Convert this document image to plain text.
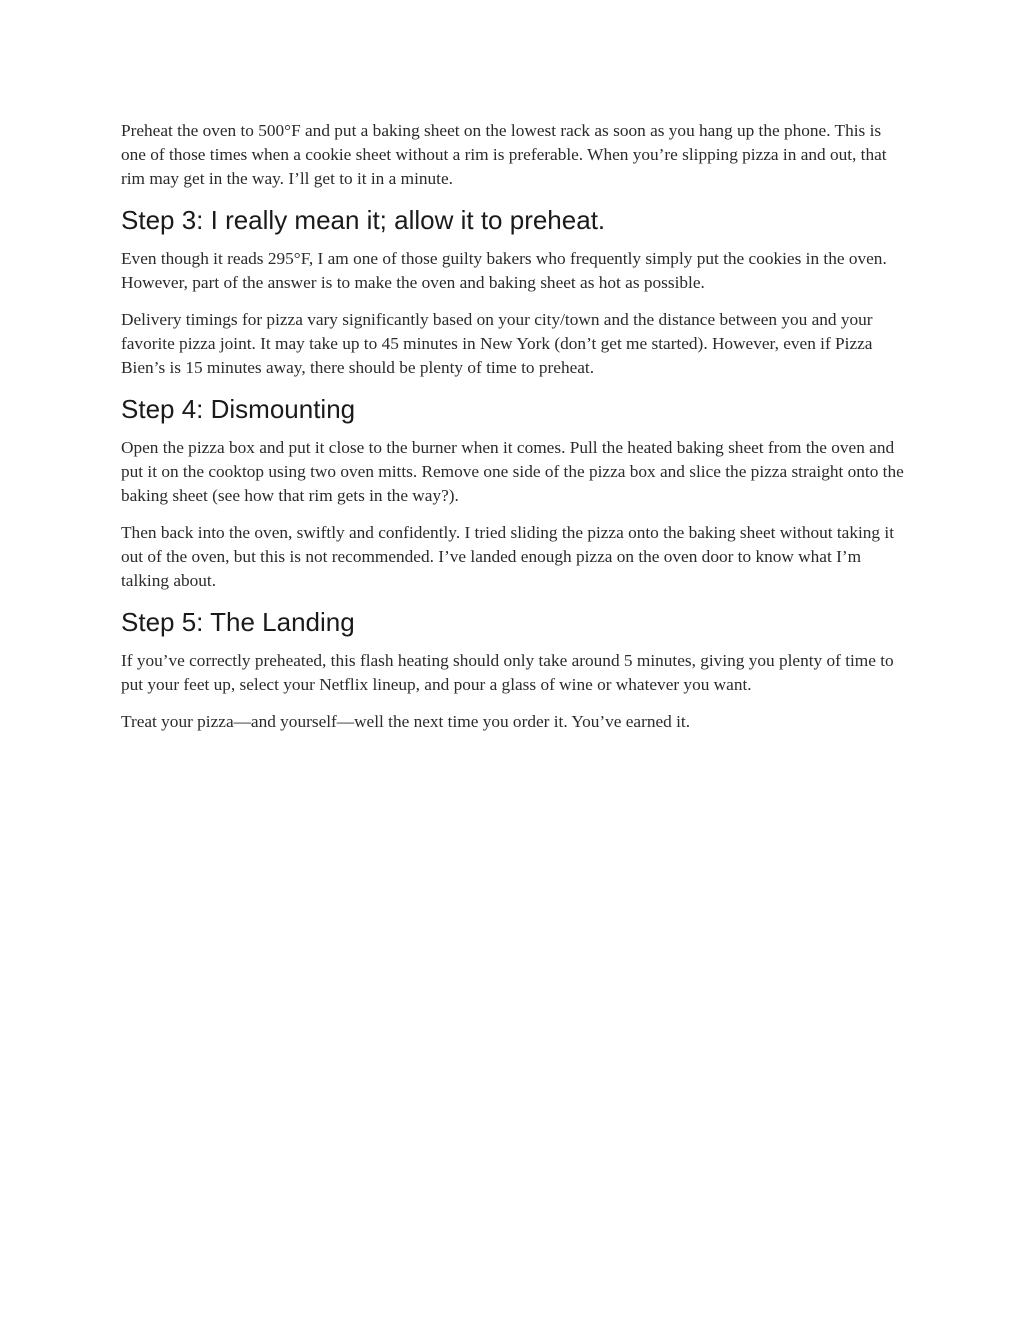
Preheat the oven to 500°F and put a baking sheet on the lowest rack as soon as you hang up the phone. This is one of those times when a cookie sheet without a rim is preferable. When you’re slipping pizza in and out, that rim may get in the way. I’ll get to it in a minute.

Step 3: I really mean it; allow it to preheat.

Even though it reads 295°F, I am one of those guilty bakers who frequently simply put the cookies in the oven. However, part of the answer is to make the oven and baking sheet as hot as possible.

Delivery timings for pizza vary significantly based on your city/town and the distance between you and your favorite pizza joint. It may take up to 45 minutes in New York (don’t get me started). However, even if Pizza Bien’s is 15 minutes away, there should be plenty of time to preheat.

Step 4: Dismounting

Open the pizza box and put it close to the burner when it comes. Pull the heated baking sheet from the oven and put it on the cooktop using two oven mitts. Remove one side of the pizza box and slice the pizza straight onto the baking sheet (see how that rim gets in the way?).

Then back into the oven, swiftly and confidently. I tried sliding the pizza onto the baking sheet without taking it out of the oven, but this is not recommended. I’ve landed enough pizza on the oven door to know what I’m talking about.

Step 5: The Landing

If you’ve correctly preheated, this flash heating should only take around 5 minutes, giving you plenty of time to put your feet up, select your Netflix lineup, and pour a glass of wine or whatever you want.

Treat your pizza—and yourself—well the next time you order it. You’ve earned it.
